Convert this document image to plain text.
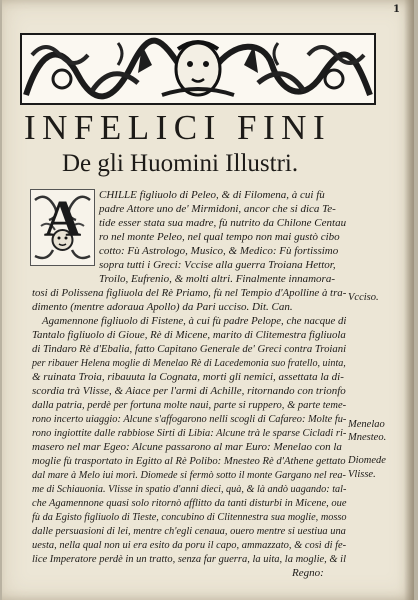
1
INFELICI FINI
De gli Huomini Illustri.
A CHILLE figliuolo di Peleo, & di Filomena, à cui fù
padre Attore uno de' Mirmidoni, ancor che si dica Te-
tide esser stata sua madre, fù nutrito da Chilone Centau
ro nel monte Peleo, nel qual tempo non mai gustò cibo
cotto: Fù Astrologo, Musico, & Medico: Fù fortissimo
sopra tutti i Greci: Vccise alla guerra Troiana Hettor,
Troilo, Eufrenio, & molti altri. Finalmente innamora-
tosi di Polissena figliuola del Rè Priamo, fù nel Tempio d'Apolline à tra-
dimento (mentre adoraua Apollo) da Pari ucciso. Dit. Can.
Agamennone figliuolo di Fistene, à cui fù padre Pelope, che nacque di
Tantalo figliuolo di Gioue, Rè di Micene, marito di Clitemestra figliuola
di Tindaro Rè d'Ebalia, fatto Capitano Generale de' Greci contra Troiani
per ribauer Helena moglie di Menelao Rè di Lacedemonia suo fratello, uinta,
& ruinata Troia, ribauuta la Cognata, morti gli nemici, assettata la di-
scordia trà Vlisse, & Aiace per l'armi di Achille, ritornando con trionfo
dalla patria, perdè per fortuna molte naui, parte si ruppero, & parte teme-
rono incerto uiaggio: Alcune s'affogarono nelli scogli di Cafareo: Molte fu-
rono ingiottite dalle rabbiose Sirti di Libia: Alcune trà le sparse Cicladi ri-
masero nel mar Egeo: Alcune passarono al mar Euro: Menelao con la
moglie fù trasportato in Egitto al Rè Polibo: Mnesteo Rè d'Athene gettato
dal mare à Melo iui morì. Diomede si fermò sotto il monte Gargano nel rea-
me di Schiauonia. Vlisse in spatio d'anni dieci, quà, & là andò uagando: tal-
che Agamennone quasi solo ritornò afflitto da tanti disturbi in Micene, oue
fù da Egisto figliuolo di Tieste, concubino di Clitennestra sua moglie, mosso
dalle persuasioni di lei, mentre ch'egli cenaua, ouero mentre si uestiua una
uesta, nella qual non ui era esito da poru il capo, ammazzato, & così di fe-
lice Imperatore perdè in un tratto, senza far guerra, la uita, la moglie, & il
Regno:
Vcciso.
Menelao
Mnesteo.
Diomede
Vlisse.
